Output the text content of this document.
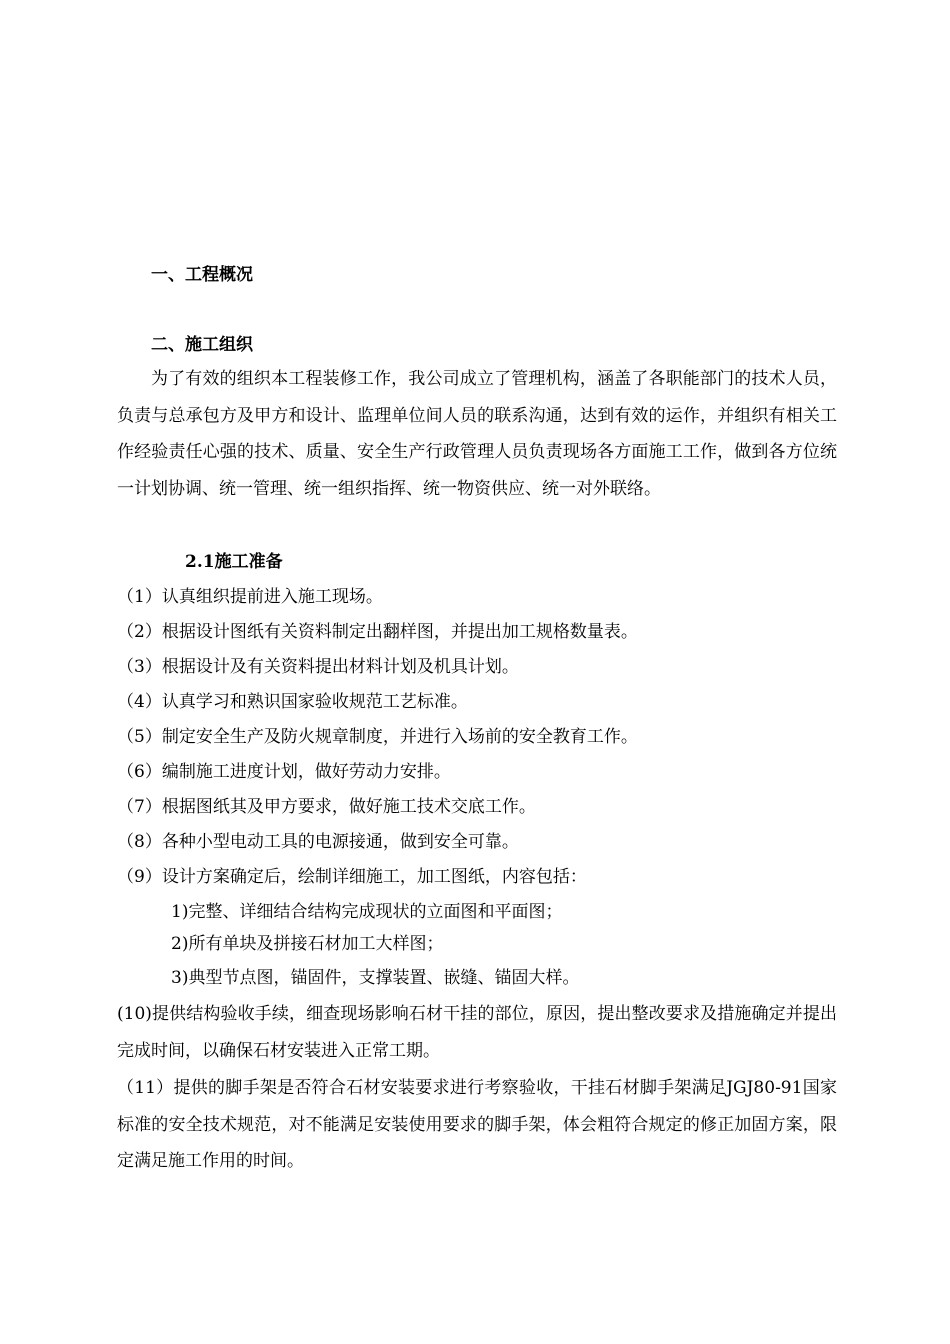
一、工程概况
二、施工组织
为了有效的组织本工程装修工作，我公司成立了管理机构，涵盖了各职能部门的技术人员，负责与总承包方及甲方和设计、监理单位间人员的联系沟通，达到有效的运作，并组织有相关工作经验责任心强的技术、质量、安全生产行政管理人员负责现场各方面施工工作，做到各方位统一计划协调、统一管理、统一组织指挥、统一物资供应、统一对外联络。
2.1施工准备
（1）认真组织提前进入施工现场。
（2）根据设计图纸有关资料制定出翻样图，并提出加工规格数量表。
（3）根据设计及有关资料提出材料计划及机具计划。
（4）认真学习和熟识国家验收规范工艺标准。
（5）制定安全生产及防火规章制度，并进行入场前的安全教育工作。
（6）编制施工进度计划，做好劳动力安排。
（7）根据图纸其及甲方要求，做好施工技术交底工作。
（8）各种小型电动工具的电源接通，做到安全可靠。
（9）设计方案确定后，绘制详细施工，加工图纸，内容包括：
1)完整、详细结合结构完成现状的立面图和平面图；
2)所有单块及拼接石材加工大样图；
3)典型节点图，锚固件，支撑装置、嵌缝、锚固大样。
(10)提供结构验收手续，细查现场影响石材干挂的部位，原因，提出整改要求及措施确定并提出完成时间，以确保石材安装进入正常工期。
（11）提供的脚手架是否符合石材安装要求进行考察验收，干挂石材脚手架满足JGJ80-91国家标准的安全技术规范，对不能满足安装使用要求的脚手架，体会粗符合规定的修正加固方案，限定满足施工作用的时间。
